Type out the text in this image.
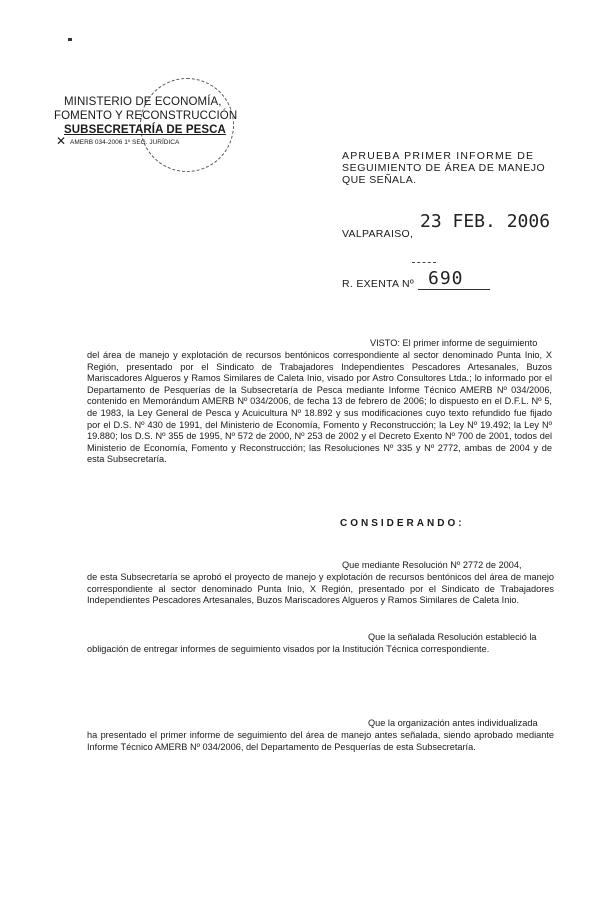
MINISTERIO DE ECONOMÍA,
FOMENTO Y RECONSTRUCCIÓN
SUBSECRETARÍA DE PESCA
AMERB 034-2006 1º SEG. JURÍDICA
✕
APRUEBA PRIMER INFORME DE
SEGUIMIENTO DE ÁREA DE MANEJO
QUE SEÑALA.
VALPARAISO,
23 FEB. 2006
R. EXENTA Nº 690
VISTO: El primer informe de seguimiento
del área de manejo y explotación de recursos bentónicos correspondiente al sector denominado Punta Inio, X Región, presentado por el Sindicato de Trabajadores Independientes Pescadores Artesanales, Buzos Mariscadores Algueros y Ramos Similares de Caleta Inio, visado por Astro Consultores Ltda.; lo informado por el Departamento de Pesquerías de la Subsecretaría de Pesca mediante Informe Técnico AMERB Nº 034/2006, contenido en Memorándum AMERB Nº 034/2006, de fecha 13 de febrero de 2006; lo dispuesto en el D.F.L. Nº 5, de 1983, la Ley General de Pesca y Acuicultura Nº 18.892 y sus modificaciones cuyo texto refundido fue fijado por el D.S. Nº 430 de 1991, del Ministerio de Economía, Fomento y Reconstrucción; la Ley Nº 19.492; la Ley Nº 19.880; los D.S. Nº 355 de 1995, Nº 572 de 2000, Nº 253 de 2002 y el Decreto Exento Nº 700 de 2001, todos del Ministerio de Economía, Fomento y Reconstrucción; las Resoluciones Nº 335 y Nº 2772, ambas de 2004 y de esta Subsecretaría.
CONSIDERANDO:
Que mediante Resolución Nº 2772 de 2004,
de esta Subsecretaría se aprobó el proyecto de manejo y explotación de recursos bentónicos del área de manejo correspondiente al sector denominado Punta Inio, X Región, presentado por el Sindicato de Trabajadores Independientes Pescadores Artesanales, Buzos Mariscadores Algueros y Ramos Similares de Caleta Inio.
Que la señalada Resolución estableció la
obligación de entregar informes de seguimiento visados por la Institución Técnica correspondiente.
Que la organización antes individualizada
ha presentado el primer informe de seguimiento del área de manejo antes señalada, siendo aprobado mediante Informe Técnico AMERB Nº 034/2006, del Departamento de Pesquerías de esta Subsecretaría.
